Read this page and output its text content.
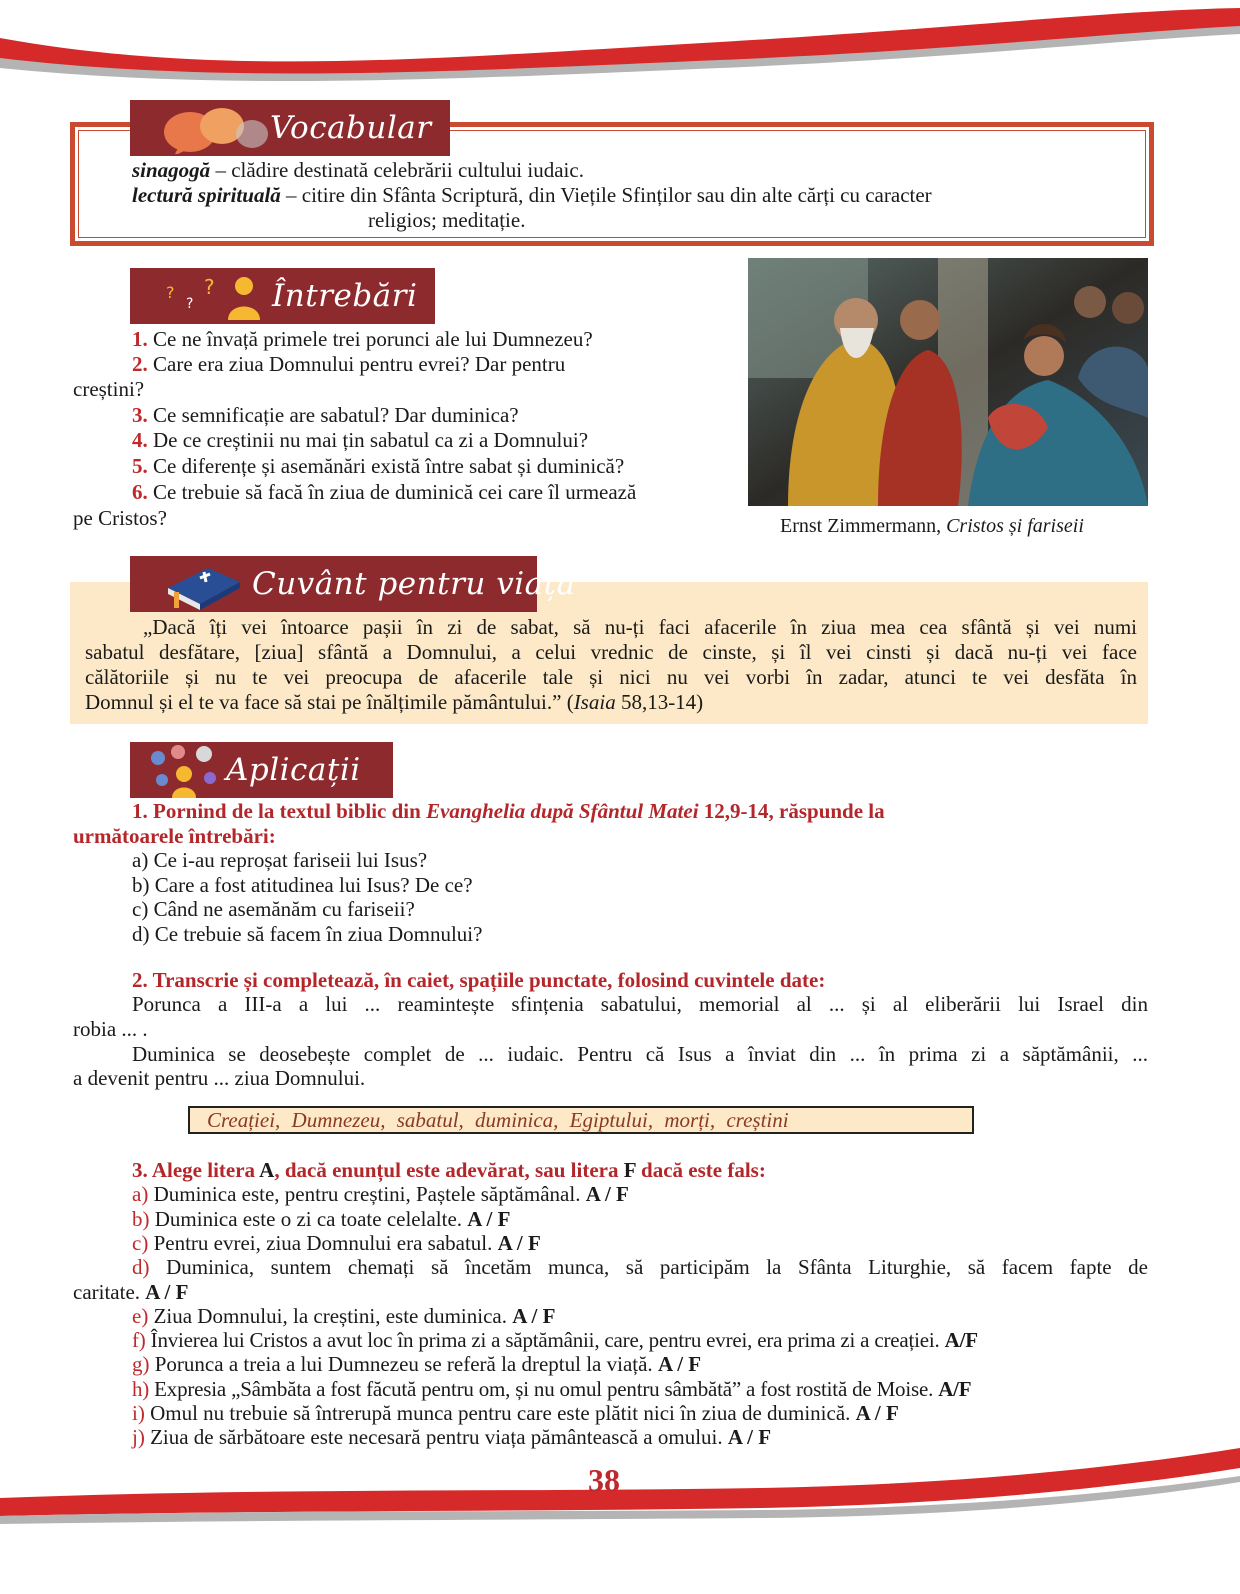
Vocabular
sinagogă – clădire destinată celebrării cultului iudaic.
lectură spirituală – citire din Sfânta Scriptură, din Viețile Sfinților sau din alte cărți cu caracter
religios; meditație.
?
?
? Întrebări
1. Ce ne învață primele trei porunci ale lui Dumnezeu?
2. Care era ziua Domnului pentru evrei? Dar pentru
creștini?
3. Ce semnificație are sabatul? Dar duminica?
4. De ce creștinii nu mai țin sabatul ca zi a Domnului?
5. Ce diferențe și asemănări există între sabat și duminică?
6. Ce trebuie să facă în ziua de duminică cei care îl urmează
pe Cristos?	Ernst Zimmermann, Cristos și fariseii
Cuvânt pentru viață
„Dacă îți vei întoarce pașii în zi de sabat, să nu-ți faci afacerile în ziua mea cea sfântă și vei numi
sabatul desfătare, [ziua] sfântă a Domnului, a celui vrednic de cinste, și îl vei cinsti și dacă nu-ți vei face
călătoriile și nu te vei preocupa de afacerile tale și nici nu vei vorbi în zadar, atunci te vei desfăta în
Domnul și el te va face să stai pe înălțimile pământului.” (Isaia 58,13-14)
Aplicații
1. Pornind de la textul biblic din Evanghelia după Sfântul Matei 12,9-14, răspunde la
următoarele întrebări:
a) Ce i-au reproșat fariseii lui Isus?
b) Care a fost atitudinea lui Isus? De ce?
c) Când ne asemănăm cu fariseii?
d) Ce trebuie să facem în ziua Domnului?
2. Transcrie și completează, în caiet, spațiile punctate, folosind cuvintele date:
Porunca a III-a a lui ... reamintește sfințenia sabatului, memorial al ... și al eliberării lui Israel din
robia ... .
Duminica se deosebește complet de ... iudaic. Pentru că Isus a înviat din ... în prima zi a săptămânii, ...
a devenit pentru ... ziua Domnului.
Creației, Dumnezeu, sabatul, duminica, Egiptului, morți, creștini
3. Alege litera A, dacă enunțul este adevărat, sau litera F dacă este fals:
a) Duminica este, pentru creștini, Paștele săptămânal. A / F
b) Duminica este o zi ca toate celelalte. A / F
c) Pentru evrei, ziua Domnului era sabatul. A / F
d) Duminica, suntem chemați să încetăm munca, să participăm la Sfânta Liturghie, să facem fapte de
caritate. A / F
e) Ziua Domnului, la creștini, este duminica. A / F
f) Învierea lui Cristos a avut loc în prima zi a săptămânii, care, pentru evrei, era prima zi a creației. A/F
g) Porunca a treia a lui Dumnezeu se referă la dreptul la viață. A / F
h) Expresia „Sâmbăta a fost făcută pentru om, și nu omul pentru sâmbătă” a fost rostită de Moise. A/F
i) Omul nu trebuie să întrerupă munca pentru care este plătit nici în ziua de duminică. A / F
j) Ziua de sărbătoare este necesară pentru viața pământească a omului. A / F
38
